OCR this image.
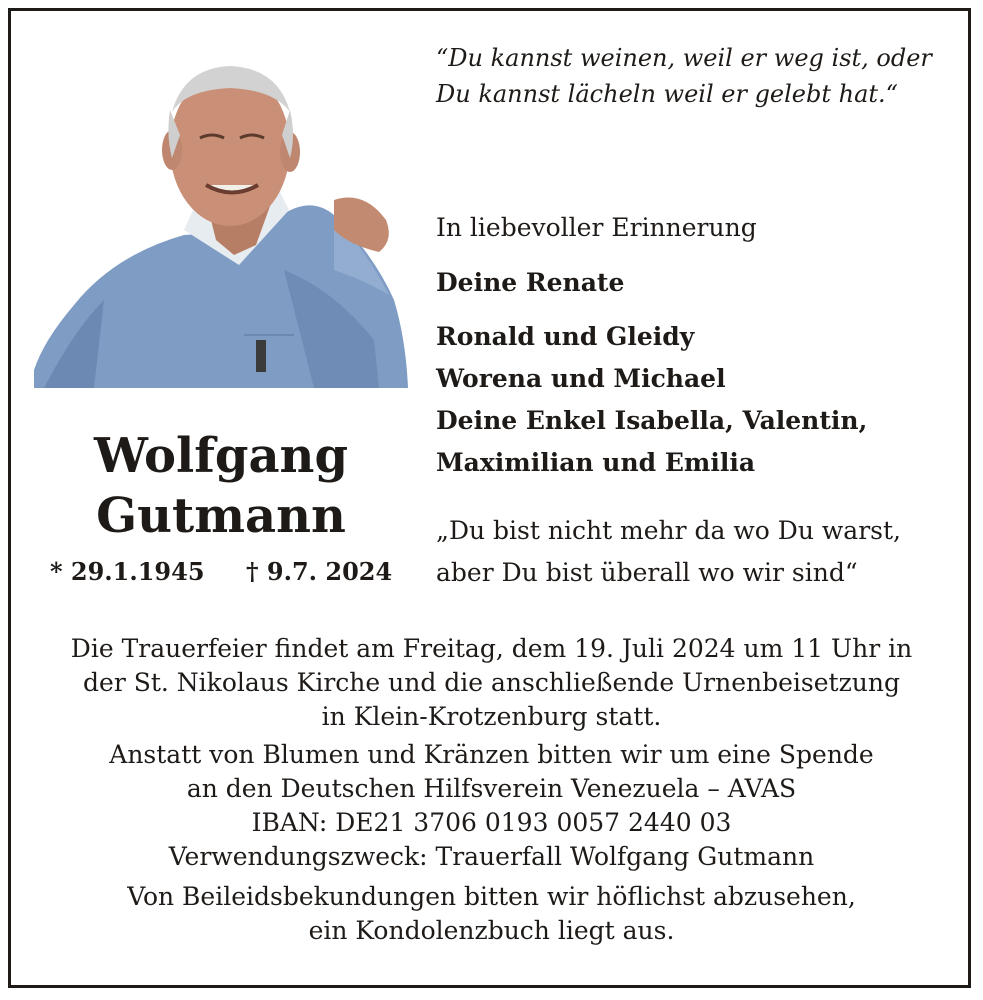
“Du kannst weinen, weil er weg ist, oder
Du kannst lächeln weil er gelebt hat.“
In liebevoller Erinnerung
Deine Renate
Ronald und Gleidy
Worena und Michael
Deine Enkel Isabella, Valentin,
Maximilian und Emilia
„Du bist nicht mehr da wo Du warst,
aber Du bist überall wo wir sind“
Wolfgang
Gutmann
* 29.1.1945 † 9.7. 2024
Die Trauerfeier findet am Freitag, dem 19. Juli 2024 um 11 Uhr in
der St. Nikolaus Kirche und die anschließende Urnenbeisetzung
in Klein-Krotzenburg statt.
Anstatt von Blumen und Kränzen bitten wir um eine Spende
an den Deutschen Hilfsverein Venezuela – AVAS
IBAN: DE21 3706 0193 0057 2440 03
Verwendungszweck: Trauerfall Wolfgang Gutmann
Von Beileidsbekundungen bitten wir höflichst abzusehen,
ein Kondolenzbuch liegt aus.
